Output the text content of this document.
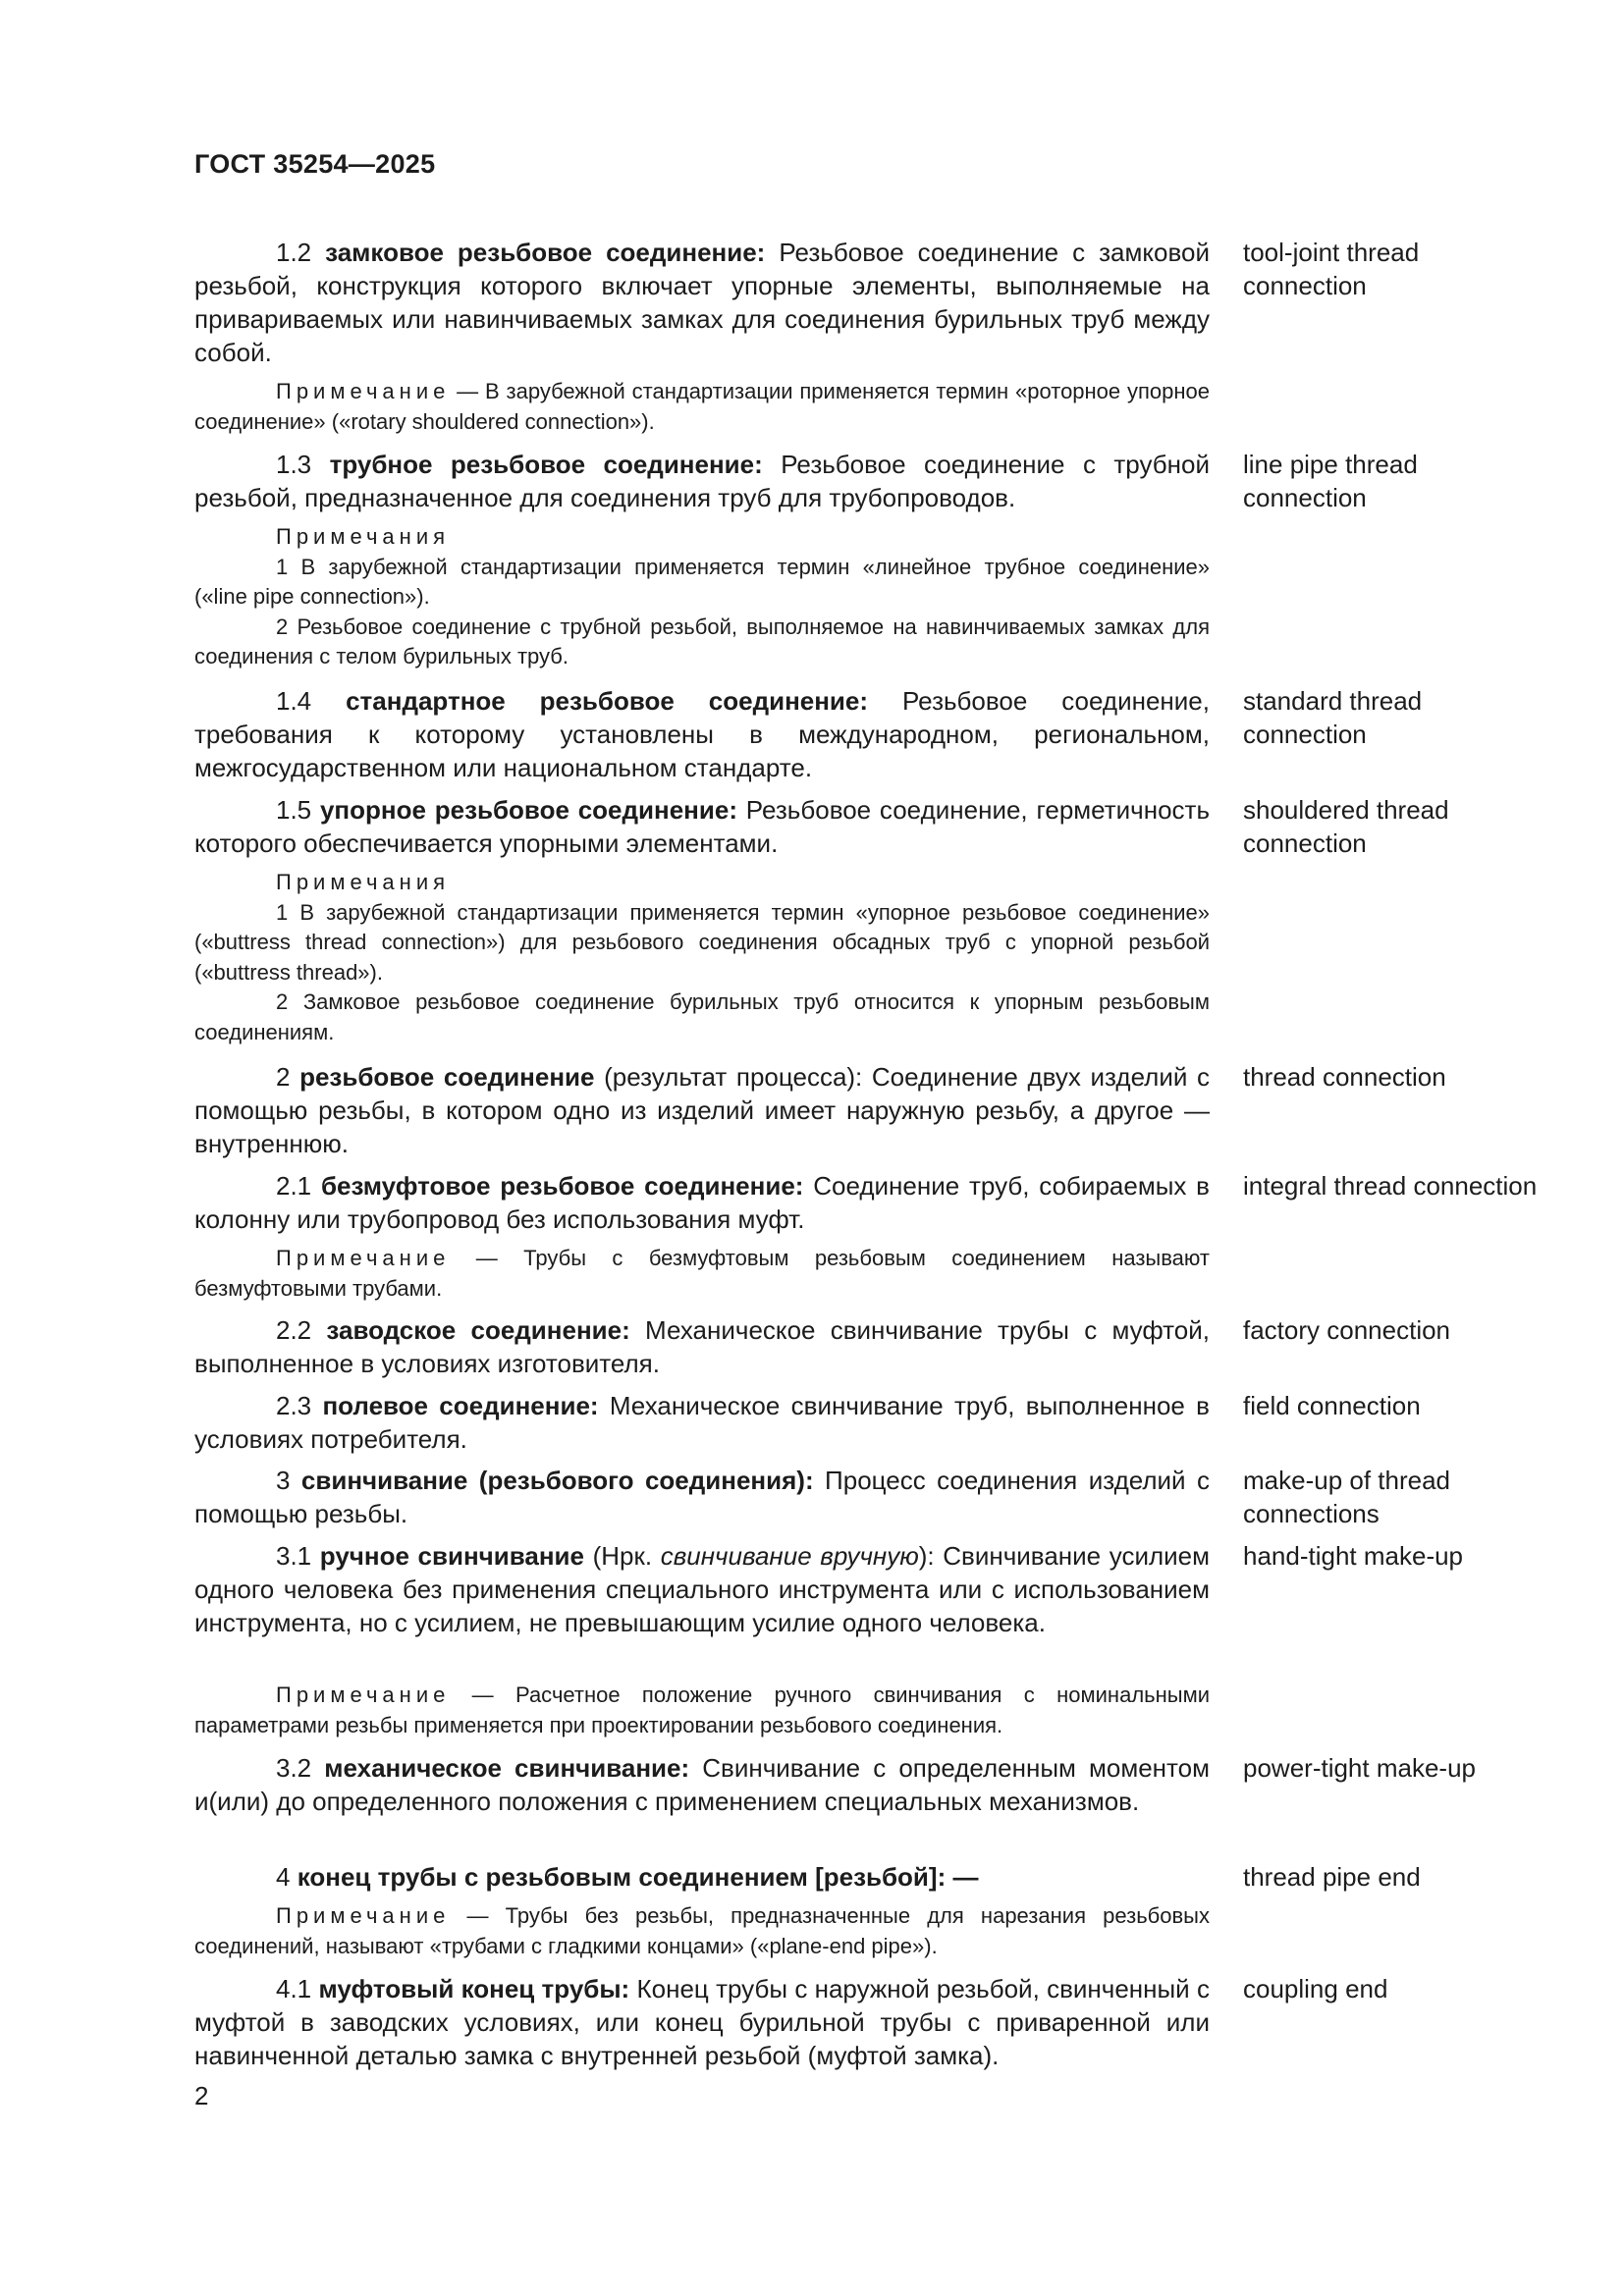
ГОСТ 35254—2025
1.2 замковое резьбовое соединение: Резьбовое соединение с замковой резьбой, конструкция которого включает упорные элементы, выполняемые на привариваемых или навинчиваемых замках для соединения бурильных труб между собой.
tool-joint thread connection
Примечание — В зарубежной стандартизации применяется термин «роторное упорное соединение» («rotary shouldered connection»).
1.3 трубное резьбовое соединение: Резьбовое соединение с трубной резьбой, предназначенное для соединения труб для трубопроводов.
line pipe thread connection
Примечания
1 В зарубежной стандартизации применяется термин «линейное трубное соединение» («line pipe connection»).
2 Резьбовое соединение с трубной резьбой, выполняемое на навинчиваемых замках для соединения с телом бурильных труб.
1.4 стандартное резьбовое соединение: Резьбовое соединение, требования к которому установлены в международном, региональном, межгосударственном или национальном стандарте.
standard thread connection
1.5 упорное резьбовое соединение: Резьбовое соединение, герметичность которого обеспечивается упорными элементами.
shouldered thread connection
Примечания
1 В зарубежной стандартизации применяется термин «упорное резьбовое соединение» («buttress thread connection») для резьбового соединения обсадных труб с упорной резьбой («buttress thread»).
2 Замковое резьбовое соединение бурильных труб относится к упорным резьбовым соединениям.
2 резьбовое соединение (результат процесса): Соединение двух изделий с помощью резьбы, в котором одно из изделий имеет наружную резьбу, а другое — внутреннюю.
thread connection
2.1 безмуфтовое резьбовое соединение: Соединение труб, собираемых в колонну или трубопровод без использования муфт.
integral thread connection
Примечание — Трубы с безмуфтовым резьбовым соединением называют безмуфтовыми трубами.
2.2 заводское соединение: Механическое свинчивание трубы с муфтой, выполненное в условиях изготовителя.
factory connection
2.3 полевое соединение: Механическое свинчивание труб, выполненное в условиях потребителя.
field connection
3 свинчивание (резьбового соединения): Процесс соединения изделий с помощью резьбы.
make-up of thread connections
3.1 ручное свинчивание (Нрк. свинчивание вручную): Свинчивание усилием одного человека без применения специального инструмента или с использованием инструмента, но с усилием, не превышающим усилие одного человека.
hand-tight make-up
Примечание — Расчетное положение ручного свинчивания с номинальными параметрами резьбы применяется при проектировании резьбового соединения.
3.2 механическое свинчивание: Свинчивание с определенным моментом и(или) до определенного положения с применением специальных механизмов.
power-tight make-up
4 конец трубы с резьбовым соединением [резьбой]: —	thread pipe end
Примечание — Трубы без резьбы, предназначенные для нарезания резьбовых соединений, называют «трубами с гладкими концами» («plane-end pipe»).
4.1 муфтовый конец трубы: Конец трубы с наружной резьбой, свинченный с муфтой в заводских условиях, или конец бурильной трубы с приваренной или навинченной деталью замка с внутренней резьбой (муфтой замка).
coupling end
2
